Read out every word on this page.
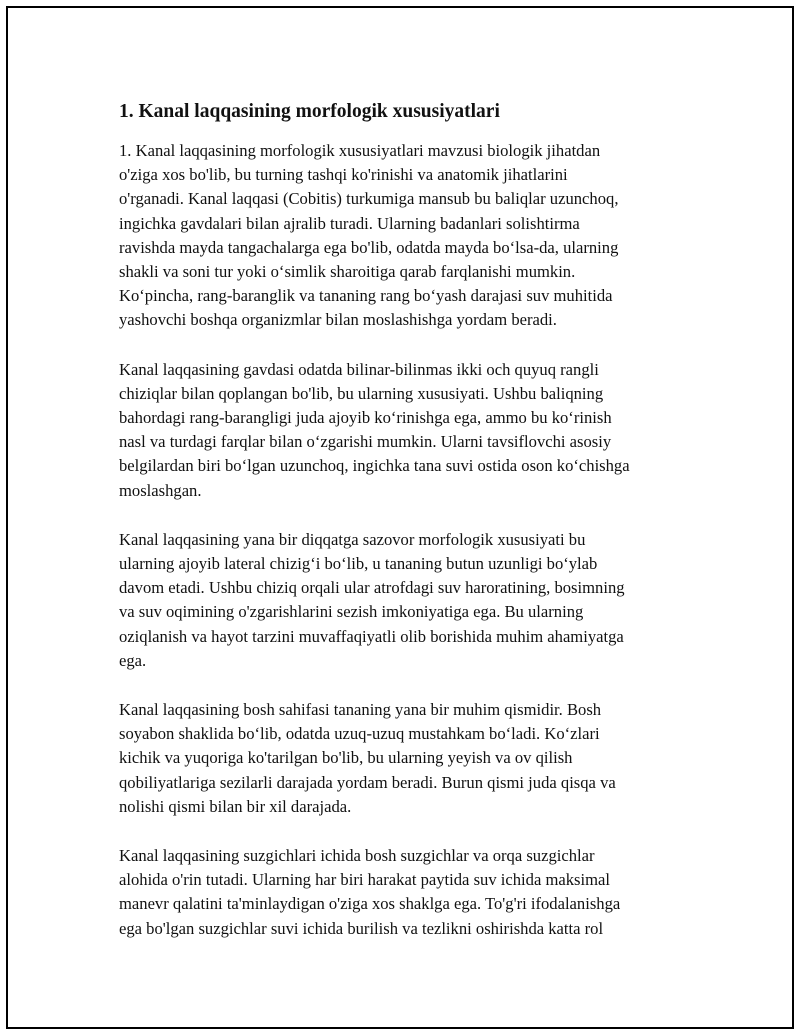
1. Kanal laqqasining morfologik xususiyatlari
1. Kanal laqqasining morfologik xususiyatlari mavzusi biologik jihatdan
o'ziga xos bo'lib, bu turning tashqi ko'rinishi va anatomik jihatlarini
o'rganadi. Kanal laqqasi (Cobitis) turkumiga mansub bu baliqlar uzunchoq,
ingichka gavdalari bilan ajralib turadi. Ularning badanlari solishtirma
ravishda mayda tangachalarga ega bo'lib, odatda mayda bo‘lsa-da, ularning
shakli va soni tur yoki o‘simlik sharoitiga qarab farqlanishi mumkin.
Ko‘pincha, rang-baranglik va tananing rang bo‘yash darajasi suv muhitida
yashovchi boshqa organizmlar bilan moslashishga yordam beradi.
Kanal laqqasining gavdasi odatda bilinar-bilinmas ikki och quyuq rangli
chiziqlar bilan qoplangan bo'lib, bu ularning xususiyati. Ushbu baliqning
bahordagi rang-barangligi juda ajoyib ko‘rinishga ega, ammo bu ko‘rinish
nasl va turdagi farqlar bilan o‘zgarishi mumkin. Ularni tavsiflovchi asosiy
belgilardan biri bo‘lgan uzunchoq, ingichka tana suvi ostida oson ko‘chishga
moslashgan.
Kanal laqqasining yana bir diqqatga sazovor morfologik xususiyati bu
ularning ajoyib lateral chizig‘i bo‘lib, u tananing butun uzunligi bo‘ylab
davom etadi. Ushbu chiziq orqali ular atrofdagi suv haroratining, bosimning
va suv oqimining o'zgarishlarini sezish imkoniyatiga ega. Bu ularning
oziqlanish va hayot tarzini muvaffaqiyatli olib borishida muhim ahamiyatga
ega.
Kanal laqqasining bosh sahifasi tananing yana bir muhim qismidir. Bosh
soyabon shaklida bo‘lib, odatda uzuq-uzuq mustahkam bo‘ladi. Ko‘zlari
kichik va yuqoriga ko'tarilgan bo'lib, bu ularning yeyish va ov qilish
qobiliyatlariga sezilarli darajada yordam beradi. Burun qismi juda qisqa va
nolishi qismi bilan bir xil darajada.
Kanal laqqasining suzgichlari ichida bosh suzgichlar va orqa suzgichlar
alohida o'rin tutadi. Ularning har biri harakat paytida suv ichida maksimal
manevr qalatini ta'minlaydigan o'ziga xos shaklga ega. To'g'ri ifodalanishga
ega bo'lgan suzgichlar suvi ichida burilish va tezlikni oshirishda katta rol
